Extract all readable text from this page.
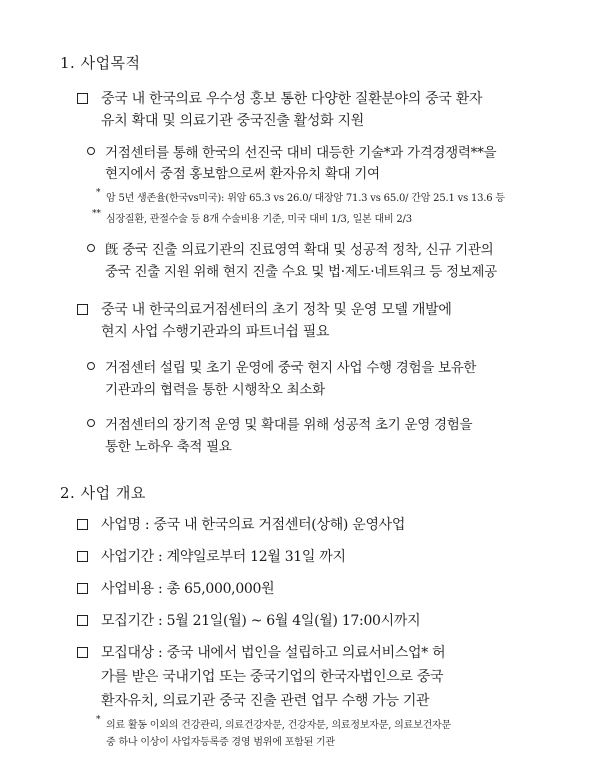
1. 사업목적
중국 내 한국의료 우수성 홍보 통한 다양한 질환분야의 중국 환자
유치 확대 및 의료기관 중국진출 활성화 지원
거점센터를 통해 한국의 선진국 대비 대등한 기술*과 가격경쟁력**을
현지에서 중점 홍보함으로써 환자유치 확대 기여
* 암 5년 생존율(한국vs미국): 위암 65.3 vs 26.0/ 대장암 71.3 vs 65.0/ 간암 25.1 vs 13.6 등
** 심장질환, 관절수술 등 8개 수술비용 기준, 미국 대비 1/3, 일본 대비 2/3
旣 중국 진출 의료기관의 진료영역 확대 및 성공적 정착, 신규 기관의
중국 진출 지원 위해 현지 진출 수요 및 법·제도·네트워크 등 정보제공
중국 내 한국의료거점센터의 초기 정착 및 운영 모델 개발에
현지 사업 수행기관과의 파트너쉽 필요
거점센터 설립 및 초기 운영에 중국 현지 사업 수행 경험을 보유한
기관과의 협력을 통한 시행착오 최소화
거점센터의 장기적 운영 및 확대를 위해 성공적 초기 운영 경험을
통한 노하우 축적 필요
2. 사업 개요
사업명 : 중국 내 한국의료 거점센터(상해) 운영사업
사업기간 : 계약일로부터 12월 31일 까지
사업비용 : 총 65,000,000원
모집기간 : 5월 21일(월) ~ 6월 4일(월) 17:00시까지
모집대상 : 중국 내에서 법인을 설립하고 의료서비스업* 허
가를 받은 국내기업 또는 중국기업의 한국자법인으로 중국
환자유치, 의료기관 중국 진출 관련 업무 수행 가능 기관
* 의료 활동 이외의 건강관리, 의료건강자문, 건강자문, 의료정보자문, 의료보건자문
중 하나 이상이 사업자등록증 경영 범위에 포함된 기관
